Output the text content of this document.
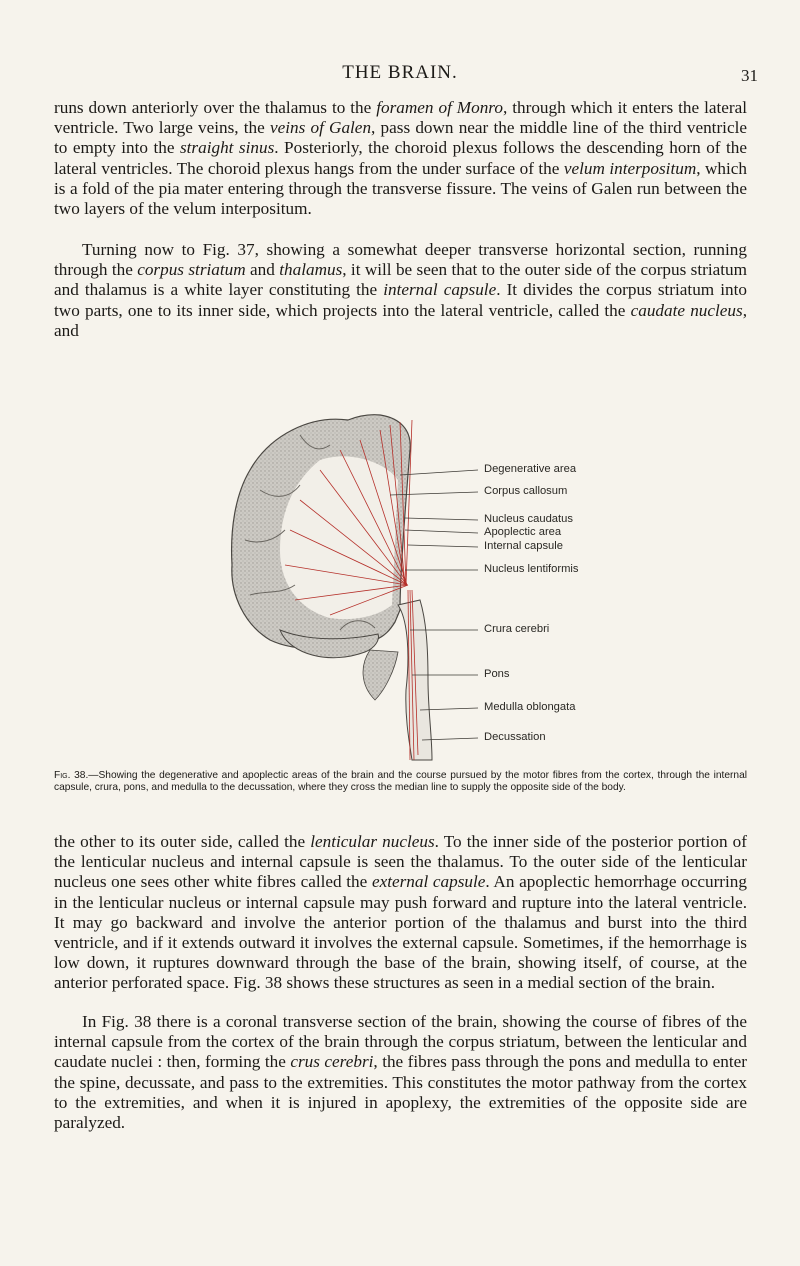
THE BRAIN.	31

runs down anteriorly over the thalamus to the foramen of Monro, through which it enters the lateral ventricle. Two large veins, the veins of Galen, pass down near the middle line of the third ventricle to empty into the straight sinus. Posteriorly, the choroid plexus follows the descending horn of the lateral ventricles. The choroid plexus hangs from the under surface of the velum interpositum, which is a fold of the pia mater entering through the transverse fissure. The veins of Galen run between the two layers of the velum interpositum.

Turning now to Fig. 37, showing a somewhat deeper transverse horizontal section, running through the corpus striatum and thalamus, it will be seen that to the outer side of the corpus striatum and thalamus is a white layer constituting the internal capsule. It divides the corpus striatum into two parts, one to its inner side, which projects into the lateral ventricle, called the caudate nucleus, and

Degenerative area
Corpus callosum
Nucleus caudatus
Apoplectic area
Internal capsule
Nucleus lentiformis
Crura cerebri
Pons
Medulla oblongata
Decussation

Fig. 38.—Showing the degenerative and apoplectic areas of the brain and the course pursued by the motor fibres from the cortex, through the internal capsule, crura, pons, and medulla to the decussation, where they cross the median line to supply the opposite side of the body.

the other to its outer side, called the lenticular nucleus. To the inner side of the posterior portion of the lenticular nucleus and internal capsule is seen the thalamus. To the outer side of the lenticular nucleus one sees other white fibres called the external capsule. An apoplectic hemorrhage occurring in the lenticular nucleus or internal capsule may push forward and rupture into the lateral ventricle. It may go backward and involve the anterior portion of the thalamus and burst into the third ventricle, and if it extends outward it involves the external capsule. Sometimes, if the hemorrhage is low down, it ruptures downward through the base of the brain, showing itself, of course, at the anterior perforated space. Fig. 38 shows these structures as seen in a medial section of the brain.

In Fig. 38 there is a coronal transverse section of the brain, showing the course of fibres of the internal capsule from the cortex of the brain through the corpus striatum, between the lenticular and caudate nuclei : then, forming the crus cerebri, the fibres pass through the pons and medulla to enter the spine, decussate, and pass to the extremities. This constitutes the motor pathway from the cortex to the extremities, and when it is injured in apoplexy, the extremities of the opposite side are paralyzed.
